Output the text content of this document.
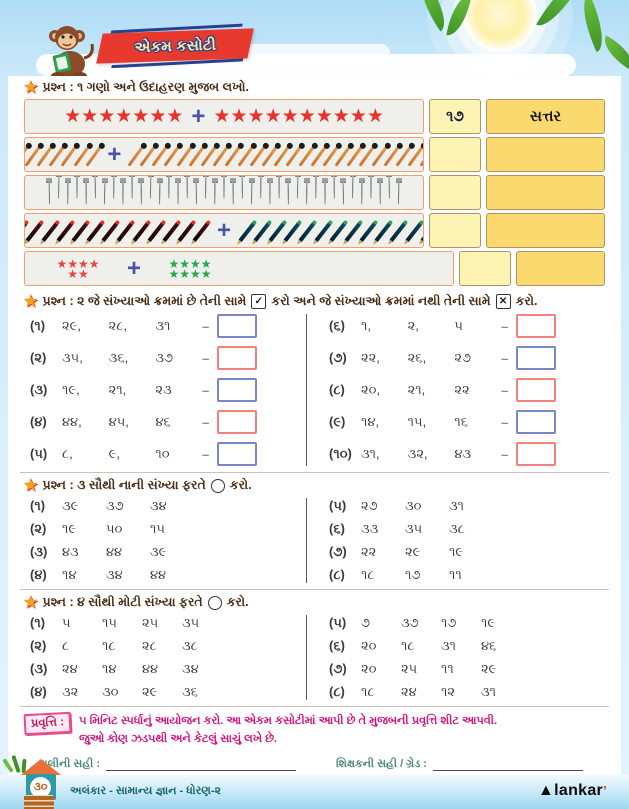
એકમ કસોટી
★ પ્રશ્ન : ૧ ગણો અને ઉદાહરણ મુજબ લખો.
+	૧૭	સત્તર
+
+
+
★ પ્રશ્ન : ૨ જે સંખ્યાઓ ક્રમમાં છે તેની સામે ✓ કરો અને જે સંખ્યાઓ ક્રમમાં નથી તેની સામે ✕ કરો.
(૧)	૨૯,	૨૮,	૩૧	–
(૨)	૩૫,	૩૬,	૩૭	–
(૩)	૧૯,	૨૧,	૨૩	–
(૪)	૪૪,	૪૫,	૪૬	–
(૫)	૮,	૯,	૧૦	–
(૬)	૧,	૨,	૫	–
(૭)	૨૨,	૨૬,	૨૭	–
(૮)	૨૦,	૨૧,	૨૨	–
(૯)	૧૪,	૧૫,	૧૬	–
(૧૦) ૩૧,	૩૨,	૪૩	–
★ પ્રશ્ન : ૩ સૌથી નાની સંખ્યા ફરતે કરો.
(૧)	૩૯	૩૭	૩૪
(૨)	૧૯	૫૦	૧૫
(૩)	૪૩	૪૪	૩૯
(૪)	૧૪	૩૪	૪૪
(૫)	૨૭	૩૦	૩૧
(૬)	૩૩	૩૫	૩૮
(૭)	૨૨	૨૯	૧૯
(૮)	૧૮	૧૭	૧૧
★ પ્રશ્ન : ૪ સૌથી મોટી સંખ્યા ફરતે કરો.
(૧)	૫	૧૫	૨૫	૩૫
(૨)	૮	૧૮	૨૮	૩૮
(૩)	૨૪	૧૪	૪૪	૩૪
(૪)	૩૨	૩૦	૨૯	૩૬
(૫)	૭	૩૭	૧૭	૧૯
(૬)	૨૦	૧૮	૩૧	૪૬
(૭)	૨૦	૨૫	૧૧	૨૯
(૮)	૧૮	૨૪	૧૨	૩૧
પ્રવૃત્તિ :	૫ મિનિટ સ્પર્ધાનું આયોજન કરો. આ એકમ કસોટીમાં આપી છે તે મુજબની પ્રવૃત્તિ શીટ આપવી.
જુઓ કોણ ઝડપથી અને કેટલું સાચું લખે છે.
વાલીની સહી :	શિક્ષકની સહી / ગ્રેડ :
૩૦	અલંકાર - સામાન્ય જ્ઞાન - ધોરણ-૨	▲lankar’
